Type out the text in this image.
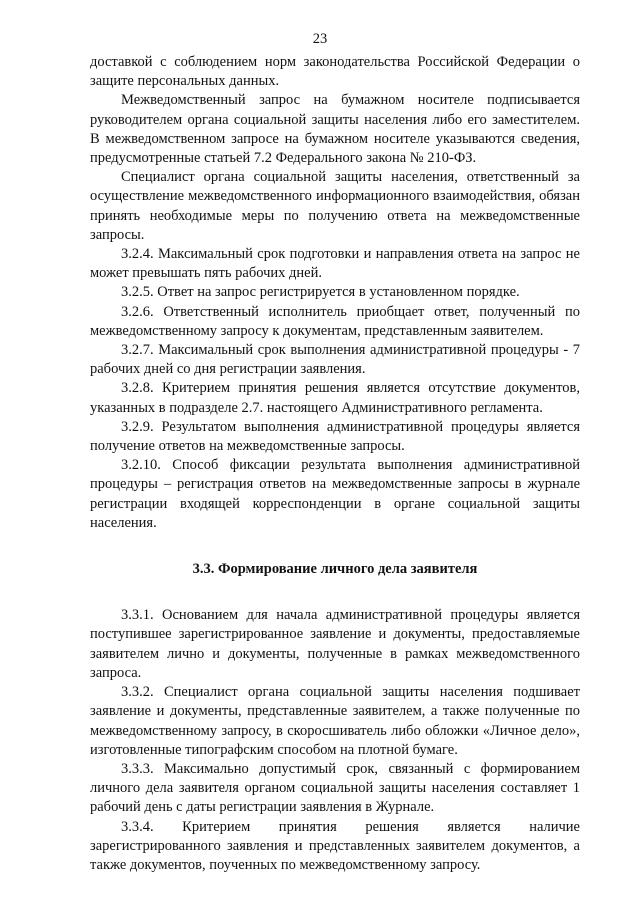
23

доставкой с соблюдением норм законодательства Российской Федерации о защите персональных данных.

Межведомственный запрос на бумажном носителе подписывается руководителем органа социальной защиты населения либо его заместителем. В межведомственном запросе на бумажном носителе указываются сведения, предусмотренные статьей 7.2 Федерального закона № 210-ФЗ.

Специалист органа социальной защиты населения, ответственный за осуществление межведомственного информационного взаимодействия, обязан принять необходимые меры по получению ответа на межведомственные запросы.

3.2.4. Максимальный срок подготовки и направления ответа на запрос не может превышать пять рабочих дней.

3.2.5. Ответ на запрос регистрируется в установленном порядке.

3.2.6. Ответственный исполнитель приобщает ответ, полученный по межведомственному запросу к документам, представленным заявителем.

3.2.7. Максимальный срок выполнения административной процедуры - 7 рабочих дней со дня регистрации заявления.

3.2.8. Критерием принятия решения является отсутствие документов, указанных в подразделе 2.7. настоящего Административного регламента.

3.2.9. Результатом выполнения административной процедуры является получение ответов на межведомственные запросы.

3.2.10. Способ фиксации результата выполнения административной процедуры – регистрация ответов на межведомственные запросы в журнале регистрации входящей корреспонденции в органе социальной защиты населения.

3.3. Формирование личного дела заявителя

3.3.1. Основанием для начала административной процедуры является поступившее зарегистрированное заявление и документы, предоставляемые заявителем лично и документы, полученные в рамках межведомственного запроса.

3.3.2. Специалист органа социальной защиты населения подшивает заявление и документы, представленные заявителем, а также полученные по межведомственному запросу, в скоросшиватель либо обложки «Личное дело», изготовленные типографским способом на плотной бумаге.

3.3.3. Максимально допустимый срок, связанный с формированием личного дела заявителя органом социальной защиты населения составляет 1 рабочий день с даты регистрации заявления в Журнале.

3.3.4. Критерием принятия решения является наличие зарегистрированного заявления и представленных заявителем документов, а также документов, поученных по межведомственному запросу.
